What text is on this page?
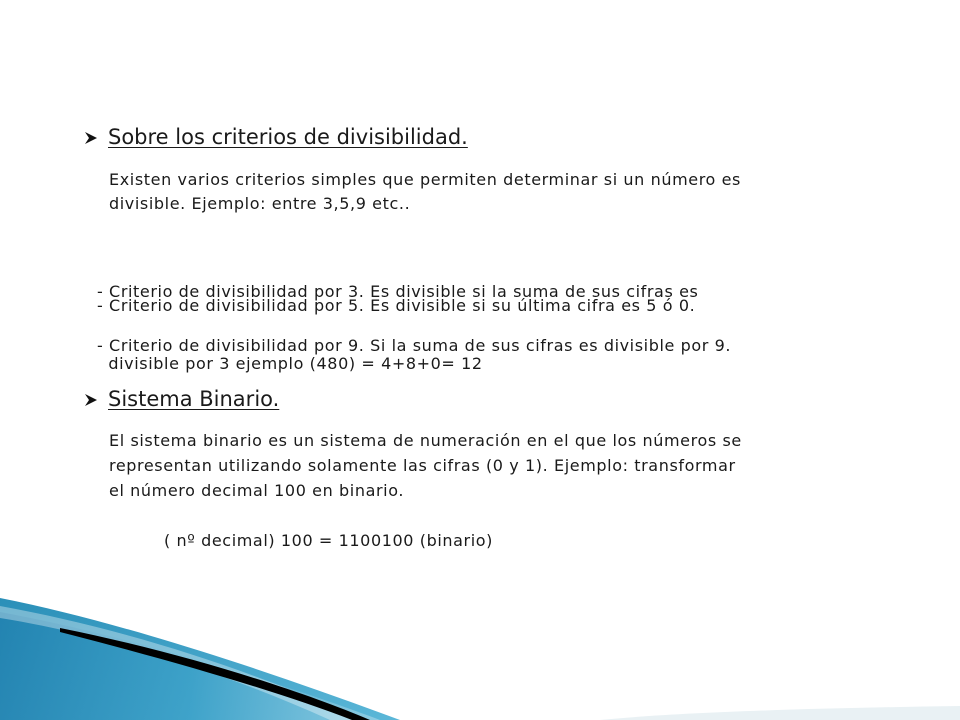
Sobre los criterios de divisibilidad.
Existen varios criterios simples que permiten determinar si un número es
divisible. Ejemplo: entre 3,5,9 etc..

- Criterio de divisibilidad por 3. Es divisible si la suma de sus cifras es

divisible por 3 ejemplo (480) = 4+8+0= 12

- Criterio de divisibilidad por 5. Es divisible si su última cifra es 5 ó 0.
- Criterio de divisibilidad por 9. Si la suma de sus cifras es divisible por 9.
Sistema Binario.
El sistema binario es un sistema de numeración en el que los números se
representan utilizando solamente las cifras (0 y 1). Ejemplo: transformar
el número decimal 100 en binario.
( nº decimal) 100 = 1100100 (binario)
